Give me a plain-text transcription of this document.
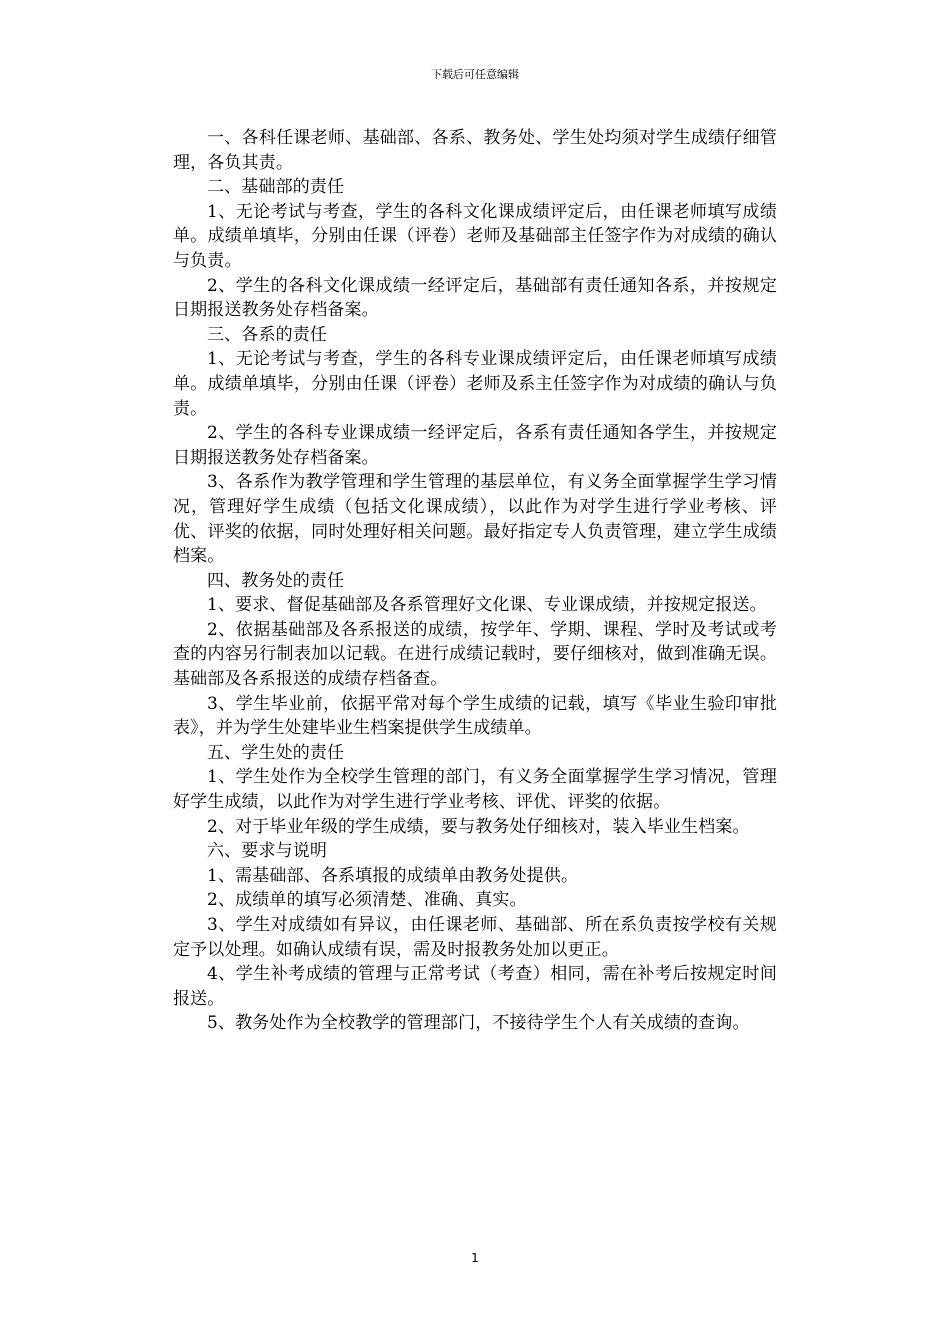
下载后可任意编辑

一、各科任课老师、基础部、各系、教务处、学生处均须对学生成绩仔细管理，各负其责。

二、基础部的责任

1、无论考试与考查，学生的各科文化课成绩评定后，由任课老师填写成绩单。成绩单填毕，分别由任课（评卷）老师及基础部主任签字作为对成绩的确认与负责。

2、学生的各科文化课成绩一经评定后，基础部有责任通知各系，并按规定日期报送教务处存档备案。

三、各系的责任

1、无论考试与考查，学生的各科专业课成绩评定后，由任课老师填写成绩单。成绩单填毕，分别由任课（评卷）老师及系主任签字作为对成绩的确认与负责。

2、学生的各科专业课成绩一经评定后，各系有责任通知各学生，并按规定日期报送教务处存档备案。

3、各系作为教学管理和学生管理的基层单位，有义务全面掌握学生学习情况，管理好学生成绩（包括文化课成绩），以此作为对学生进行学业考核、评优、评奖的依据，同时处理好相关问题。最好指定专人负责管理，建立学生成绩档案。

四、教务处的责任

1、要求、督促基础部及各系管理好文化课、专业课成绩，并按规定报送。

2、依据基础部及各系报送的成绩，按学年、学期、课程、学时及考试或考查的内容另行制表加以记载。在进行成绩记载时，要仔细核对，做到准确无误。基础部及各系报送的成绩存档备查。

3、学生毕业前，依据平常对每个学生成绩的记载，填写《毕业生验印审批表》，并为学生处建毕业生档案提供学生成绩单。

五、学生处的责任

1、学生处作为全校学生管理的部门，有义务全面掌握学生学习情况，管理好学生成绩，以此作为对学生进行学业考核、评优、评奖的依据。

2、对于毕业年级的学生成绩，要与教务处仔细核对，装入毕业生档案。

六、要求与说明

1、需基础部、各系填报的成绩单由教务处提供。

2、成绩单的填写必须清楚、准确、真实。

3、学生对成绩如有异议，由任课老师、基础部、所在系负责按学校有关规定予以处理。如确认成绩有误，需及时报教务处加以更正。

4、学生补考成绩的管理与正常考试（考查）相同，需在补考后按规定时间报送。

5、教务处作为全校教学的管理部门，不接待学生个人有关成绩的查询。

1
